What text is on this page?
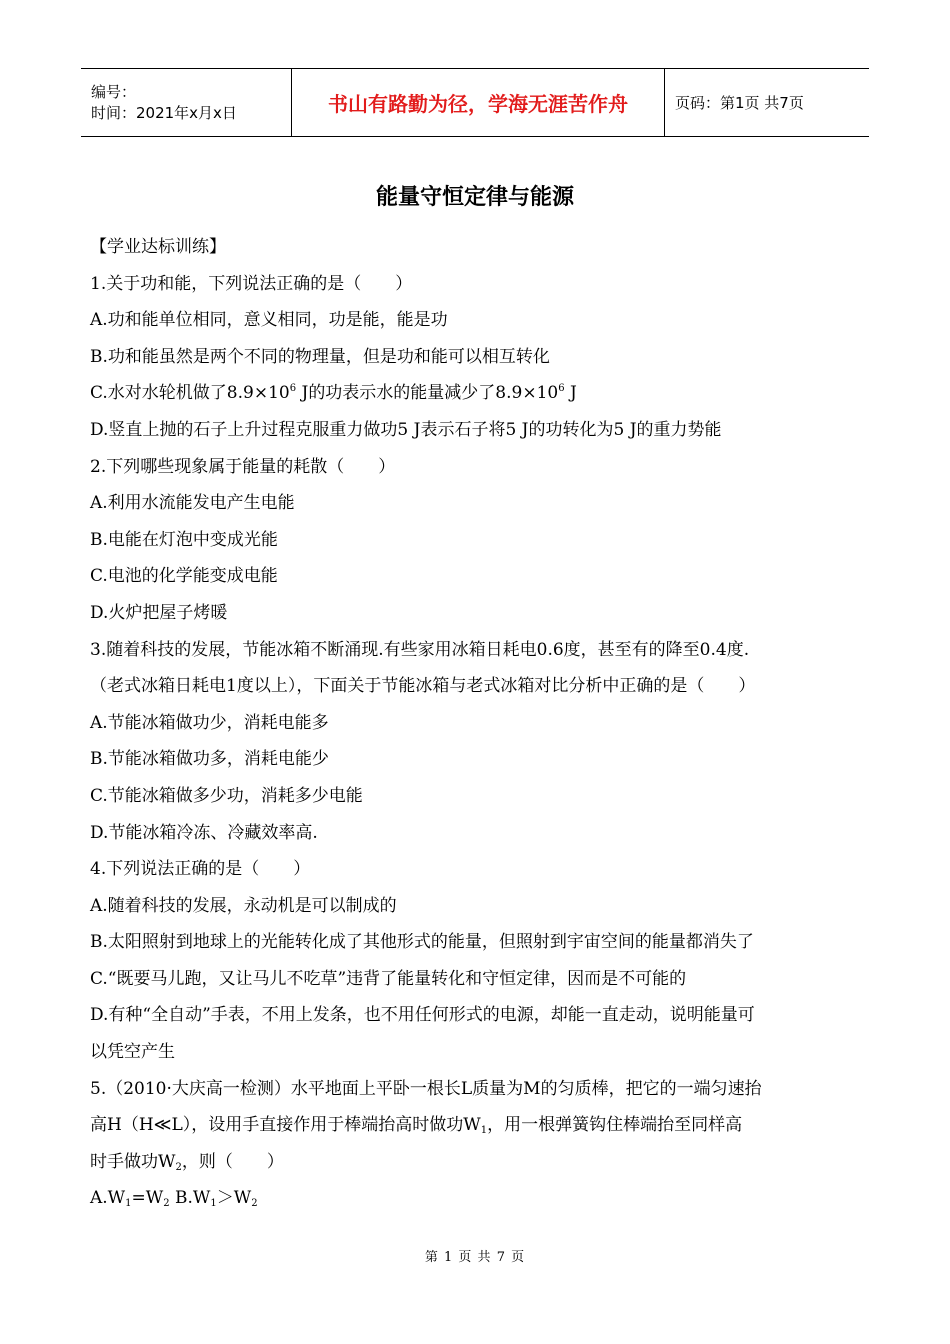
编号：
时间：2021年x月x日	书山有路勤为径，学海无涯苦作舟	页码：第1页 共7页
能量守恒定律与能源
【学业达标训练】
1.关于功和能，下列说法正确的是（　　）
A.功和能单位相同，意义相同，功是能，能是功
B.功和能虽然是两个不同的物理量，但是功和能可以相互转化
C.水对水轮机做了$8.9\times 10^6$ J的功表示水的能量减少了$8.9\times 10^6$ J
D.竖直上抛的石子上升过程克服重力做功5 J表示石子将5 J的功转化为5 J的重力势能
2.下列哪些现象属于能量的耗散（　　）
A.利用水流能发电产生电能
B.电能在灯泡中变成光能
C.电池的化学能变成电能
D.火炉把屋子烤暖
3.随着科技的发展，节能冰箱不断涌现.有些家用冰箱日耗电0.6度，甚至有的降至0.4度.
（老式冰箱日耗电1度以上），下面关于节能冰箱与老式冰箱对比分析中正确的是（　　）
A.节能冰箱做功少，消耗电能多
B.节能冰箱做功多，消耗电能少
C.节能冰箱做多少功，消耗多少电能
D.节能冰箱冷冻、冷藏效率高.
4.下列说法正确的是（　　）
A.随着科技的发展，永动机是可以制成的
B.太阳照射到地球上的光能转化成了其他形式的能量，但照射到宇宙空间的能量都消失了
C.“既要马儿跑，又让马儿不吃草”违背了能量转化和守恒定律，因而是不可能的
D.有种“全自动”手表，不用上发条，也不用任何形式的电源，却能一直走动，说明能量可
以凭空产生
5.（2010·大庆高一检测）水平地面上平卧一根长L质量为M的匀质棒，把它的一端匀速抬
高H（H≪L），设用手直接作用于棒端抬高时做功$W_1$，用一根弹簧钩住棒端抬至同样高
时手做功$W_2$，则（　　）
$A.W_1=W_2$ $B.W_1>W_2$
第 1 页 共 7 页
